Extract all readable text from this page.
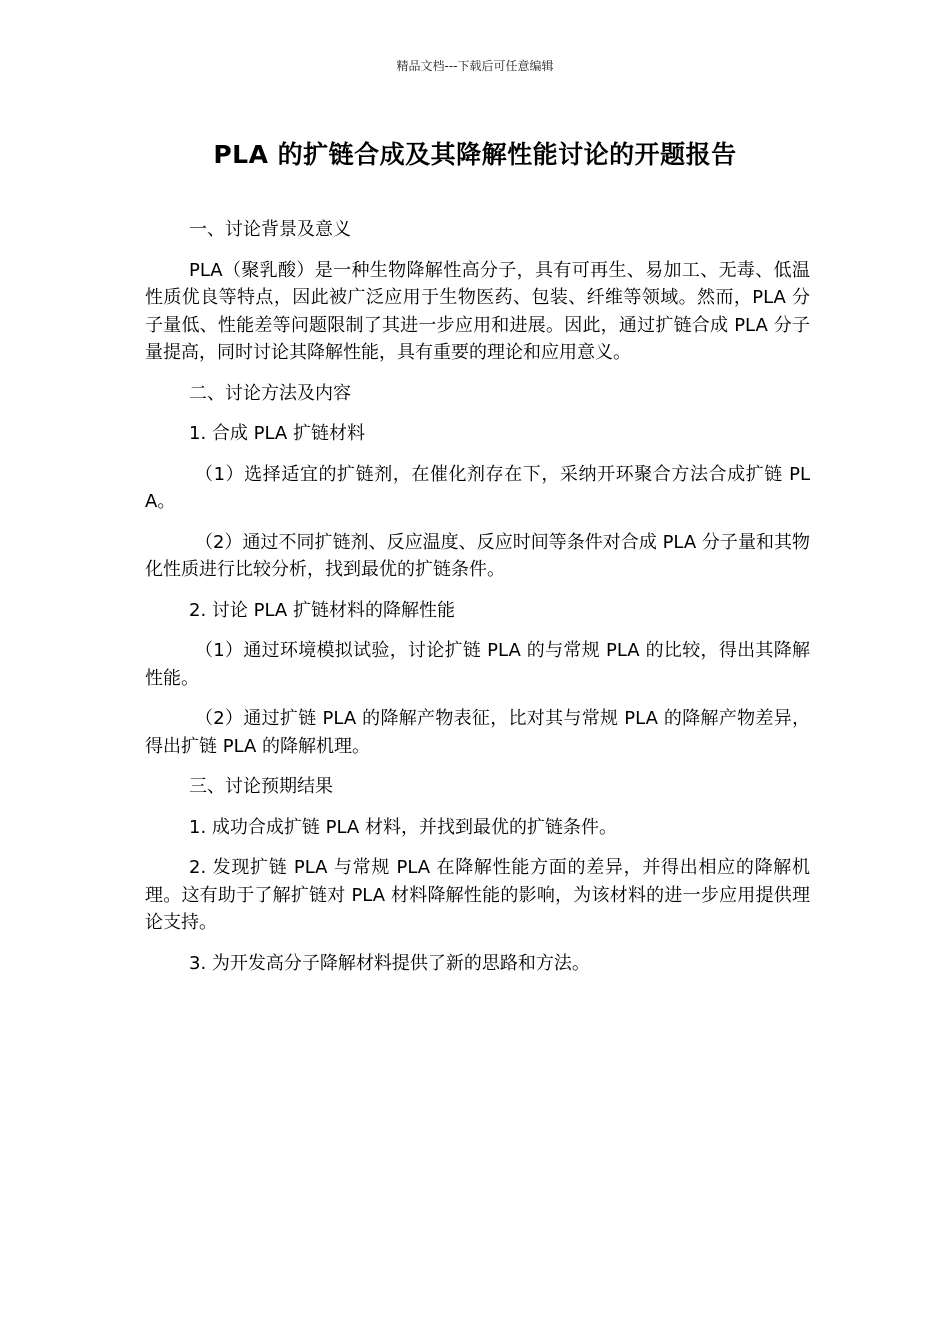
精品文档---下载后可任意编辑
PLA 的扩链合成及其降解性能讨论的开题报告

一、讨论背景及意义

PLA（聚乳酸）是一种生物降解性高分子，具有可再生、易加工、无毒、低温性质优良等特点，因此被广泛应用于生物医药、包装、纤维等领域。然而，PLA 分子量低、性能差等问题限制了其进一步应用和进展。因此，通过扩链合成 PLA 分子量提高，同时讨论其降解性能，具有重要的理论和应用意义。

二、讨论方法及内容

1. 合成 PLA 扩链材料

（1）选择适宜的扩链剂，在催化剂存在下，采纳开环聚合方法合成扩链 PLA。

（2）通过不同扩链剂、反应温度、反应时间等条件对合成 PLA 分子量和其物化性质进行比较分析，找到最优的扩链条件。

2. 讨论 PLA 扩链材料的降解性能

（1）通过环境模拟试验，讨论扩链 PLA 的与常规 PLA 的比较，得出其降解性能。

（2）通过扩链 PLA 的降解产物表征，比对其与常规 PLA 的降解产物差异，得出扩链 PLA 的降解机理。

三、讨论预期结果

1. 成功合成扩链 PLA 材料，并找到最优的扩链条件。

2. 发现扩链 PLA 与常规 PLA 在降解性能方面的差异，并得出相应的降解机理。这有助于了解扩链对 PLA 材料降解性能的影响，为该材料的进一步应用提供理论支持。

3. 为开发高分子降解材料提供了新的思路和方法。
